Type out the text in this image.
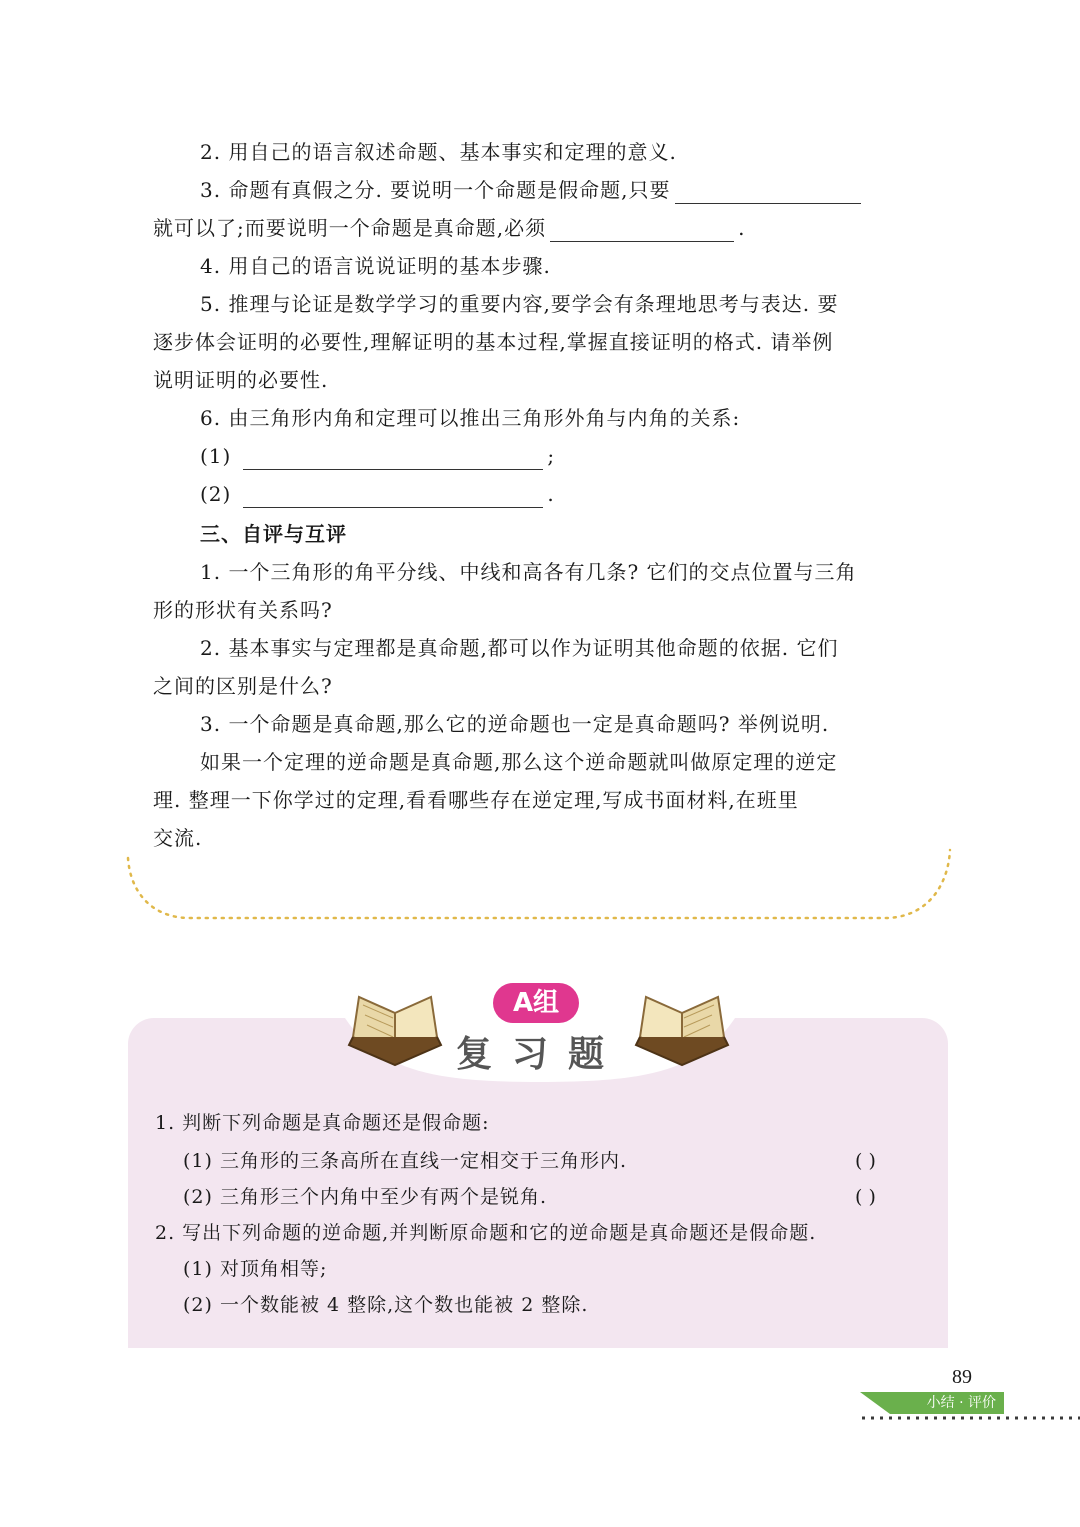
2. 用自己的语言叙述命题、基本事实和定理的意义.
3. 命题有真假之分. 要说明一个命题是假命题,只要
就可以了;而要说明一个命题是真命题,必须	.
4. 用自己的语言说说证明的基本步骤.
5. 推理与论证是数学学习的重要内容,要学会有条理地思考与表达. 要
逐步体会证明的必要性,理解证明的基本过程,掌握直接证明的格式. 请举例
说明证明的必要性.
6. 由三角形内角和定理可以推出三角形外角与内角的关系:
(1)	;
(2)	.
三、自评与互评
1. 一个三角形的角平分线、中线和高各有几条? 它们的交点位置与三角
形的形状有关系吗?
2. 基本事实与定理都是真命题,都可以作为证明其他命题的依据. 它们
之间的区别是什么?
3. 一个命题是真命题,那么它的逆命题也一定是真命题吗? 举例说明.
如果一个定理的逆命题是真命题,那么这个逆命题就叫做原定理的逆定
理. 整理一下你学过的定理,看看哪些存在逆定理,写成书面材料,在班里
交流.
A组
复习题
1. 判断下列命题是真命题还是假命题:
(1) 三角形的三条高所在直线一定相交于三角形内.	( )
(2) 三角形三个内角中至少有两个是锐角.	( )
2. 写出下列命题的逆命题,并判断原命题和它的逆命题是真命题还是假命题.
(1) 对顶角相等;
(2) 一个数能被 4 整除,这个数也能被 2 整除.
89
小结 · 评价
